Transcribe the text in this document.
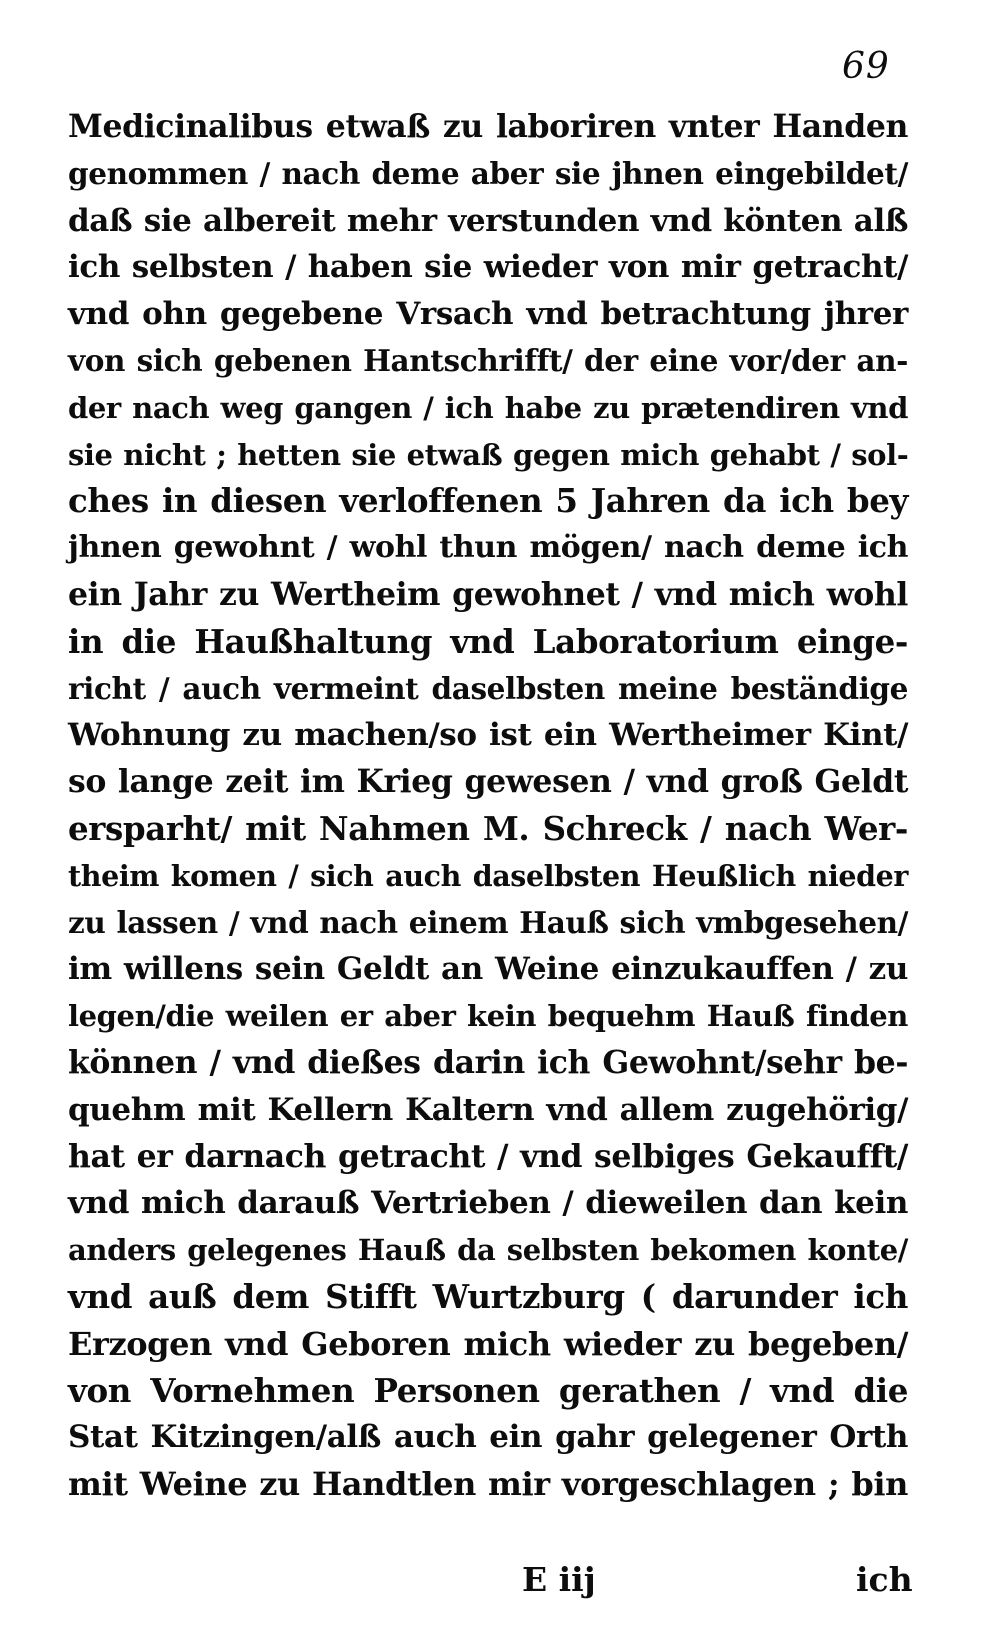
69
Medicinalibus etwaß zu laboriren vnter Handen
genommen / nach deme aber sie jhnen eingebildet/
daß sie albereit mehr verstunden vnd könten alß
ich selbsten / haben sie wieder von mir getracht/
vnd ohn gegebene Vrsach vnd betrachtung jhrer
von sich gebenen Hantschrifft/ der eine vor/der an-
der nach weg gangen / ich habe zu prætendiren vnd
sie nicht ; hetten sie etwaß gegen mich gehabt / sol-
ches in diesen verloffenen 5 Jahren da ich bey
jhnen gewohnt / wohl thun mögen/ nach deme ich
ein Jahr zu Wertheim gewohnet / vnd mich wohl
in die Haußhaltung vnd Laboratorium einge-
richt / auch vermeint daselbsten meine beständige
Wohnung zu machen/so ist ein Wertheimer Kint/
so lange zeit im Krieg gewesen / vnd groß Geldt
ersparht/ mit Nahmen M. Schreck / nach Wer-
theim komen / sich auch daselbsten Heußlich nieder
zu lassen / vnd nach einem Hauß sich vmbgesehen/
im willens sein Geldt an Weine einzukauffen / zu
legen/die weilen er aber kein bequehm Hauß finden
können / vnd dießes darin ich Gewohnt/sehr be-
quehm mit Kellern Kaltern vnd allem zugehörig/
hat er darnach getracht / vnd selbiges Gekaufft/
vnd mich darauß Vertrieben / dieweilen dan kein
anders gelegenes Hauß da selbsten bekomen konte/
vnd auß dem Stifft Wurtzburg ( darunder ich
Erzogen vnd Geboren mich wieder zu begeben/
von Vornehmen Personen gerathen / vnd die
Stat Kitzingen/alß auch ein gahr gelegener Orth
mit Weine zu Handtlen mir vorgeschlagen ; bin
E iij	ich
